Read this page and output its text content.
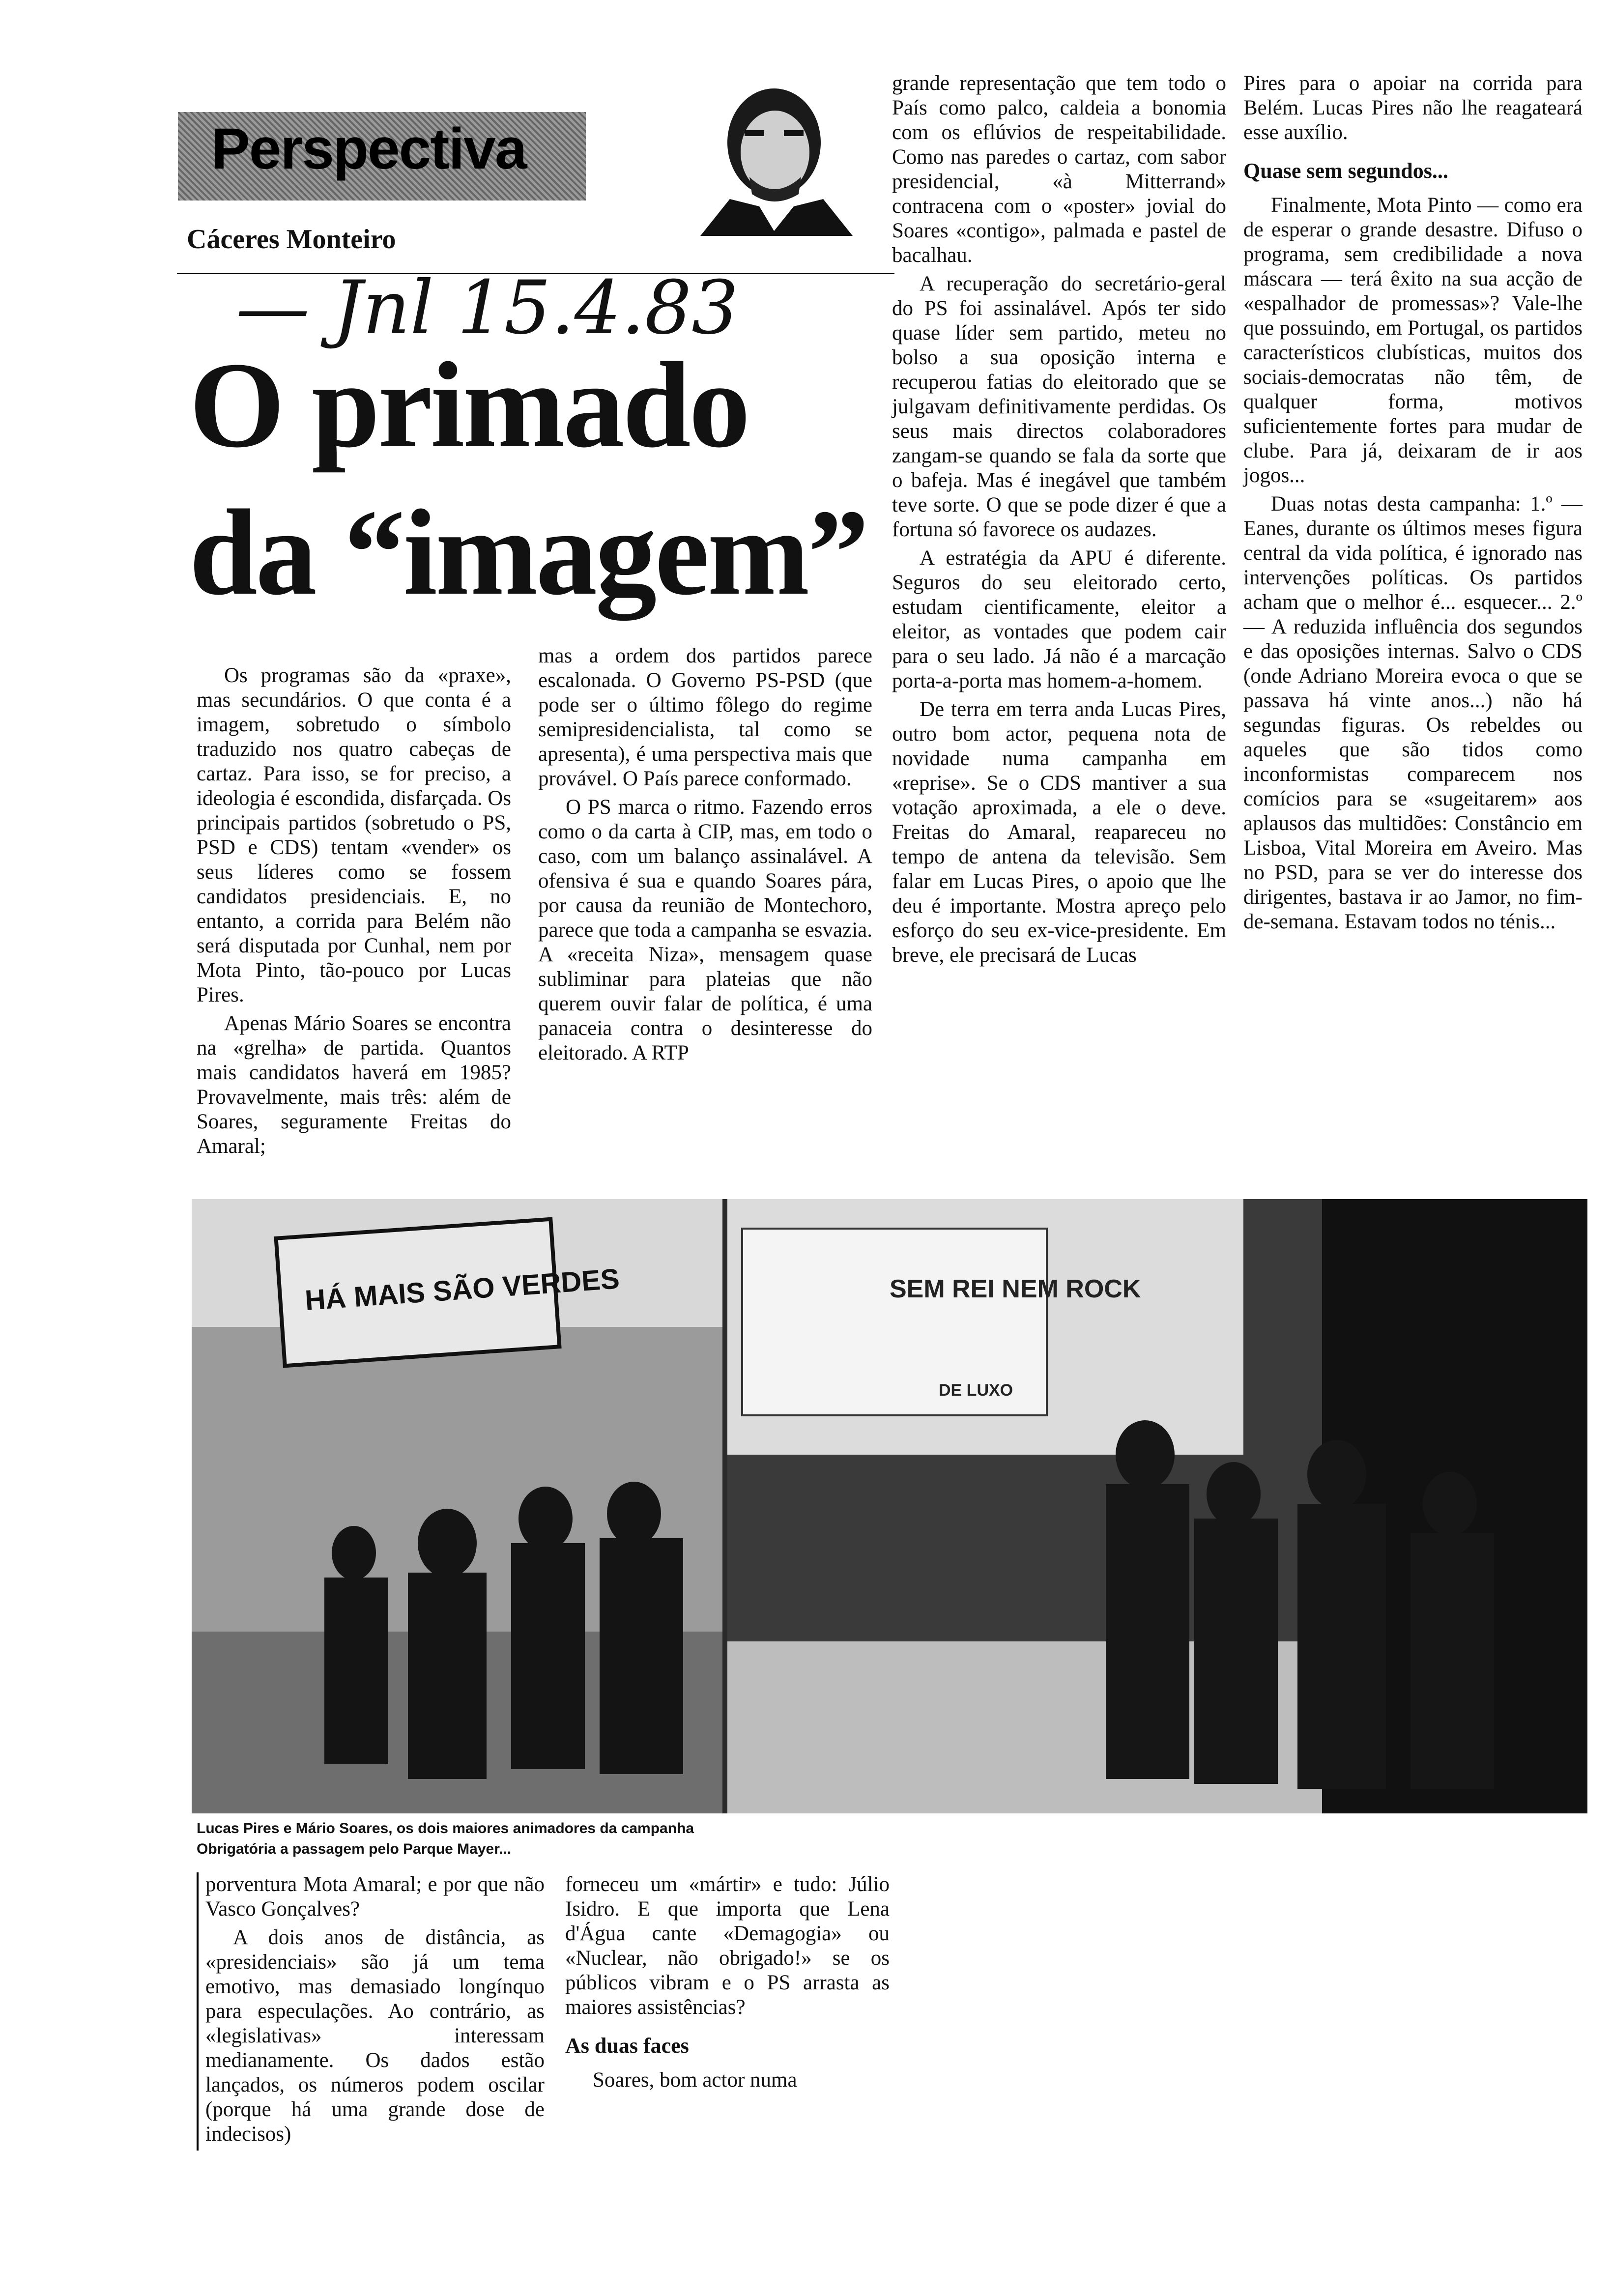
Perspectiva
Cáceres Monteiro
— Jnl 15.4.83
O primado
da “imagem”

Os programas são da «praxe», mas secundários. O que conta é a imagem, sobretudo o símbolo traduzido nos quatro cabeças de cartaz. Para isso, se for preciso, a ideologia é escondida, disfarçada. Os principais partidos (sobretudo o PS, PSD e CDS) tentam «vender» os seus líderes como se fossem candidatos presidenciais. E, no entanto, a corrida para Belém não será disputada por Cunhal, nem por Mota Pinto, tão-pouco por Lucas Pires.

Apenas Mário Soares se encontra na «grelha» de partida. Quantos mais candidatos haverá em 1985? Provavelmente, mais três: além de Soares, seguramente Freitas do Amaral;

mas a ordem dos partidos parece escalonada. O Governo PS-PSD (que pode ser o último fôlego do regime semipresidencialista, tal como se apresenta), é uma perspectiva mais que provável. O País parece conformado.

O PS marca o ritmo. Fazendo erros como o da carta à CIP, mas, em todo o caso, com um balanço assinalável. A ofensiva é sua e quando Soares pára, por causa da reunião de Montechoro, parece que toda a campanha se esvazia. A «receita Niza», mensagem quase subliminar para plateias que não querem ouvir falar de política, é uma panaceia contra o desinteresse do eleitorado. A RTP

grande representação que tem todo o País como palco, caldeia a bonomia com os eflúvios de respeitabilidade. Como nas paredes o cartaz, com sabor presidencial, «à Mitterrand» contracena com o «poster» jovial do Soares «contigo», palmada e pastel de bacalhau.

A recuperação do secretário-geral do PS foi assinalável. Após ter sido quase líder sem partido, meteu no bolso a sua oposição interna e recuperou fatias do eleitorado que se julgavam definitivamente perdidas. Os seus mais directos colaboradores zangam-se quando se fala da sorte que o bafeja. Mas é inegável que também teve sorte. O que se pode dizer é que a fortuna só favorece os audazes.

A estratégia da APU é diferente. Seguros do seu eleitorado certo, estudam cientificamente, eleitor a eleitor, as vontades que podem cair para o seu lado. Já não é a marcação porta-a-porta mas homem-a-homem.

De terra em terra anda Lucas Pires, outro bom actor, pequena nota de novidade numa campanha em «reprise». Se o CDS mantiver a sua votação aproximada, a ele o deve. Freitas do Amaral, reapareceu no tempo de antena da televisão. Sem falar em Lucas Pires, o apoio que lhe deu é importante. Mostra apreço pelo esforço do seu ex-vice-presidente. Em breve, ele precisará de Lucas

Pires para o apoiar na corrida para Belém. Lucas Pires não lhe reagateará esse auxílio.

Quase sem segundos...

Finalmente, Mota Pinto — como era de esperar o grande desastre. Difuso o programa, sem credibilidade a nova máscara — terá êxito na sua acção de «espalhador de promessas»? Vale-lhe que possuindo, em Portugal, os partidos característicos clubísticas, muitos dos sociais-democratas não têm, de qualquer forma, motivos suficientemente fortes para mudar de clube. Para já, deixaram de ir aos jogos...

Duas notas desta campanha: 1.º — Eanes, durante os últimos meses figura central da vida política, é ignorado nas intervenções políticas. Os partidos acham que o melhor é... esquecer... 2.º — A reduzida influência dos segundos e das oposições internas. Salvo o CDS (onde Adriano Moreira evoca o que se passava há vinte anos...) não há segundas figuras. Os rebeldes ou aqueles que são tidos como inconformistas comparecem nos comícios para se «sugeitarem» aos aplausos das multidões: Constâncio em Lisboa, Vital Moreira em Aveiro. Mas no PSD, para se ver do interesse dos dirigentes, bastava ir ao Jamor, no fim-de-semana. Estavam todos no ténis...

HÁ MAIS SÃO VERDES	SEM REI NEM ROCK
DE LUXO
Lucas Pires e Mário Soares, os dois maiores animadores da campanha
Obrigatória a passagem pelo Parque Mayer...

porventura Mota Amaral; e por que não Vasco Gonçalves?

A dois anos de distância, as «presidenciais» são já um tema emotivo, mas demasiado longínquo para especulações. Ao contrário, as «legislativas» interessam medianamente. Os dados estão lançados, os números podem oscilar (porque há uma grande dose de indecisos)

forneceu um «mártir» e tudo: Júlio Isidro. E que importa que Lena d'Água cante «Demagogia» ou «Nuclear, não obrigado!» se os públicos vibram e o PS arrasta as maiores assistências?

As duas faces

Soares, bom actor numa
